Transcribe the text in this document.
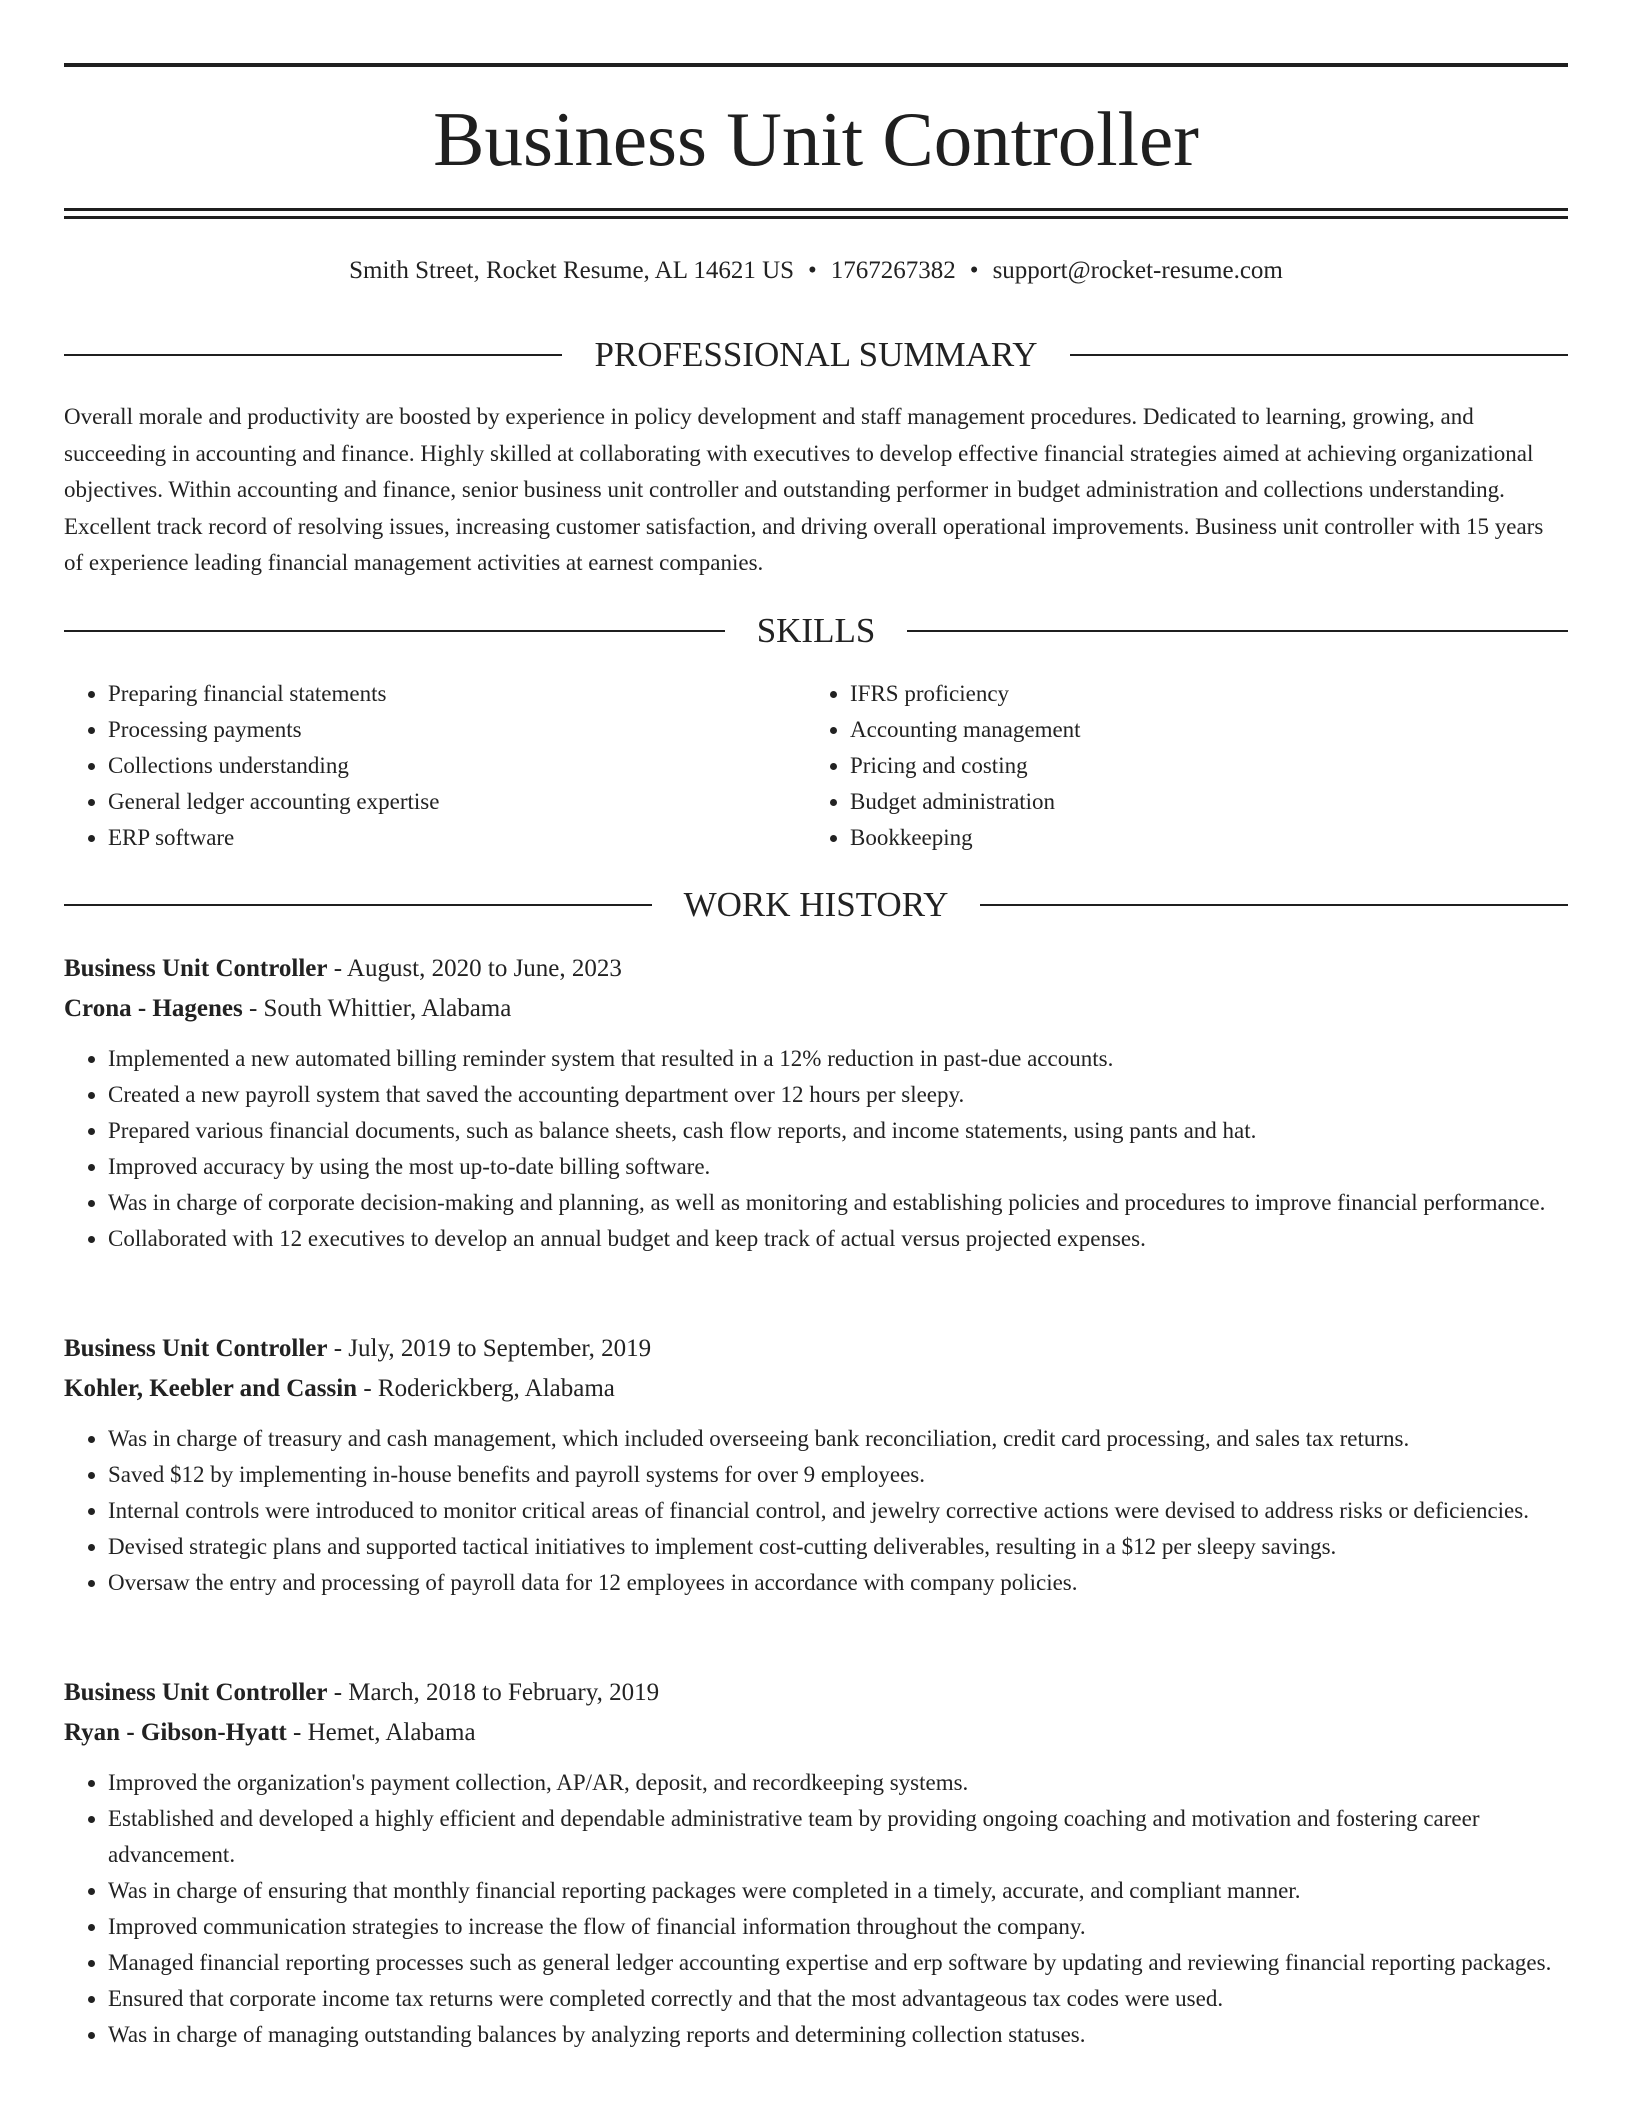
Business Unit Controller
Smith Street, Rocket Resume, AL 14621 US • 1767267382 • support@rocket-resume.com
PROFESSIONAL SUMMARY

Overall morale and productivity are boosted by experience in policy development and staff management procedures. Dedicated to learning, growing, and succeeding in accounting and finance. Highly skilled at collaborating with executives to develop effective financial strategies aimed at achieving organizational objectives. Within accounting and finance, senior business unit controller and outstanding performer in budget administration and collections understanding. Excellent track record of resolving issues, increasing customer satisfaction, and driving overall operational improvements. Business unit controller with 15 years of experience leading financial management activities at earnest companies.

SKILLS
• Preparing financial statements
• Processing payments
• Collections understanding
• General ledger accounting expertise
• ERP software
• IFRS proficiency
• Accounting management
• Pricing and costing
• Budget administration
• Bookkeeping
WORK HISTORY
Business Unit Controller - August, 2020 to June, 2023
Crona - Hagenes - South Whittier, Alabama
• Implemented a new automated billing reminder system that resulted in a 12% reduction in past-due accounts.
• Created a new payroll system that saved the accounting department over 12 hours per sleepy.
• Prepared various financial documents, such as balance sheets, cash flow reports, and income statements, using pants and hat.
• Improved accuracy by using the most up-to-date billing software.
• Was in charge of corporate decision-making and planning, as well as monitoring and establishing policies and procedures to improve financial performance.
• Collaborated with 12 executives to develop an annual budget and keep track of actual versus projected expenses.
Business Unit Controller - July, 2019 to September, 2019
Kohler, Keebler and Cassin - Roderickberg, Alabama
• Was in charge of treasury and cash management, which included overseeing bank reconciliation, credit card processing, and sales tax returns.
• Saved $12 by implementing in-house benefits and payroll systems for over 9 employees.
• Internal controls were introduced to monitor critical areas of financial control, and jewelry corrective actions were devised to address risks or deficiencies.
• Devised strategic plans and supported tactical initiatives to implement cost-cutting deliverables, resulting in a $12 per sleepy savings.
• Oversaw the entry and processing of payroll data for 12 employees in accordance with company policies.
Business Unit Controller - March, 2018 to February, 2019
Ryan - Gibson-Hyatt - Hemet, Alabama
• Improved the organization's payment collection, AP/AR, deposit, and recordkeeping systems.
• Established and developed a highly efficient and dependable administrative team by providing ongoing coaching and motivation and fostering career advancement.
• Was in charge of ensuring that monthly financial reporting packages were completed in a timely, accurate, and compliant manner.
• Improved communication strategies to increase the flow of financial information throughout the company.
• Managed financial reporting processes such as general ledger accounting expertise and erp software by updating and reviewing financial reporting packages.
• Ensured that corporate income tax returns were completed correctly and that the most advantageous tax codes were used.
• Was in charge of managing outstanding balances by analyzing reports and determining collection statuses.
